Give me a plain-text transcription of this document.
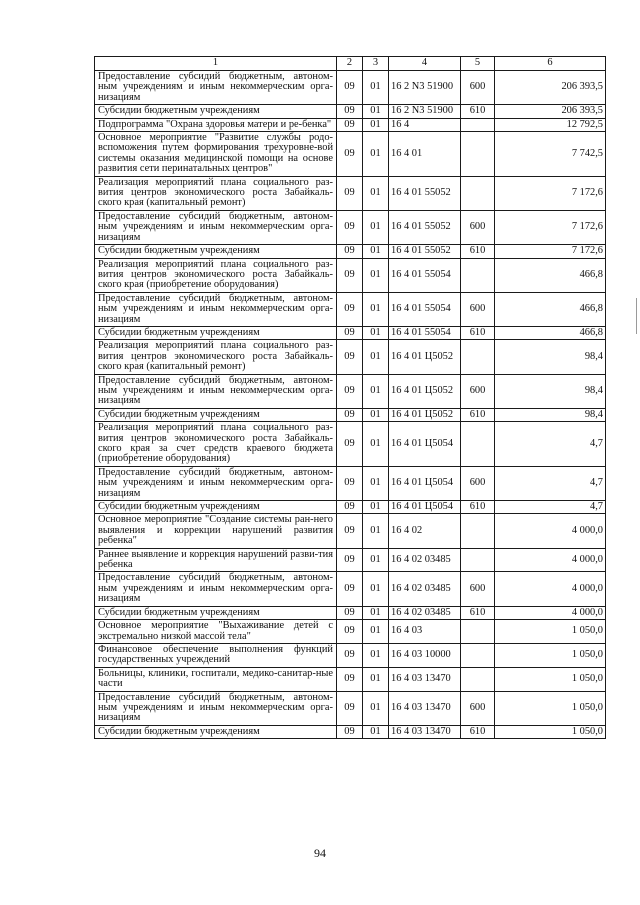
1	2	3	4	5	6
Предоставление субсидий бюджетным, автоном-ным учреждениям и иным некоммерческим орга-низациям	09	01	16 2 N3 51900	600	206 393,5
Субсидии бюджетным учреждениям	09	01	16 2 N3 51900	610	206 393,5
Подпрограмма "Охрана здоровья матери и ре-бенка"	09	01	16 4		12 792,5
Основное мероприятие "Развитие службы родо-вспоможения путем формирования трехуровне-вой системы оказания медицинской помощи на основе развития сети перинатальных центров"	09	01	16 4 01		7 742,5
Реализация мероприятий плана социального раз-вития центров экономического роста Забайкаль-ского края (капитальный ремонт)	09	01	16 4 01 55052		7 172,6
Предоставление субсидий бюджетным, автоном-ным учреждениям и иным некоммерческим орга-низациям	09	01	16 4 01 55052	600	7 172,6
Субсидии бюджетным учреждениям	09	01	16 4 01 55052	610	7 172,6
Реализация мероприятий плана социального раз-вития центров экономического роста Забайкаль-ского края (приобретение оборудования)	09	01	16 4 01 55054		466,8
Предоставление субсидий бюджетным, автоном-ным учреждениям и иным некоммерческим орга-низациям	09	01	16 4 01 55054	600	466,8
Субсидии бюджетным учреждениям	09	01	16 4 01 55054	610	466,8
Реализация мероприятий плана социального раз-вития центров экономического роста Забайкаль-ского края (капитальный ремонт)	09	01	16 4 01 Ц5052		98,4
Предоставление субсидий бюджетным, автоном-ным учреждениям и иным некоммерческим орга-низациям	09	01	16 4 01 Ц5052	600	98,4
Субсидии бюджетным учреждениям	09	01	16 4 01 Ц5052	610	98,4
Реализация мероприятий плана социального раз-вития центров экономического роста Забайкаль-ского края за счет средств краевого бюджета (приобретение оборудования)	09	01	16 4 01 Ц5054		4,7
Предоставление субсидий бюджетным, автоном-ным учреждениям и иным некоммерческим орга-низациям	09	01	16 4 01 Ц5054	600	4,7
Субсидии бюджетным учреждениям	09	01	16 4 01 Ц5054	610	4,7
Основное мероприятие "Создание системы ран-него выявления и коррекции нарушений развития ребенка"	09	01	16 4 02		4 000,0
Раннее выявление и коррекция нарушений разви-тия ребенка	09	01	16 4 02 03485		4 000,0
Предоставление субсидий бюджетным, автоном-ным учреждениям и иным некоммерческим орга-низациям	09	01	16 4 02 03485	600	4 000,0
Субсидии бюджетным учреждениям	09	01	16 4 02 03485	610	4 000,0
Основное мероприятие "Выхаживание детей с экстремально низкой массой тела"	09	01	16 4 03		1 050,0
Финансовое обеспечение выполнения функций государственных учреждений	09	01	16 4 03 10000		1 050,0
Больницы, клиники, госпитали, медико-санитар-ные части	09	01	16 4 03 13470		1 050,0
Предоставление субсидий бюджетным, автоном-ным учреждениям и иным некоммерческим орга-низациям	09	01	16 4 03 13470	600	1 050,0
Субсидии бюджетным учреждениям	09	01	16 4 03 13470	610	1 050,0
94
